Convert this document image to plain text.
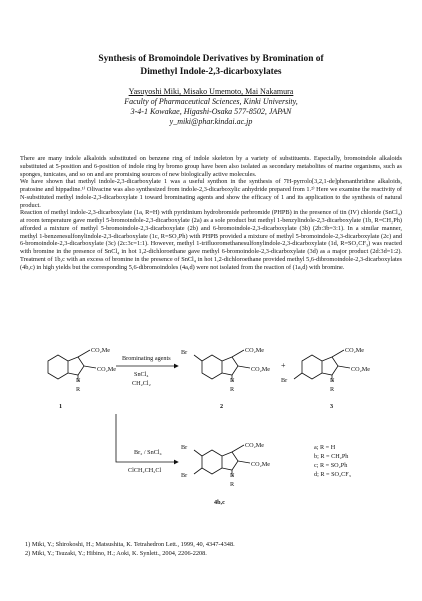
Synthesis of Bromoindole Derivatives by Bromination of
Dimethyl Indole-2,3-dicarboxylates
Yasuyoshi Miki, Misako Umemoto, Mai Nakamura
Faculty of Pharmaceutical Sciences, Kinki University,
3-4-1 Kowakae, Higashi-Osaka 577-8502, JAPAN
y_miki@phar.kindai.ac.jp

There are many indole alkaloids substituted on benzene ring of indole skeleton by a variety of substituents. Especially, bromoindole alkaloids substituted at 5-position and 6-position of indole ring by bromo group have been also isolated as secondary metabolites of marine organisms, such as sponges, tunicates, and so on and are promising sources of new biologically active molecules.

We have shown that methyl indole-2,3-dicarboxylate 1 was a useful synthon in the synthesis of 7H-pyrrolo[3,2,1-de]phenanthridine alkaloids, pratosine and hippadine.¹⁾ Olivacine was also synthesized from indole-2,3-dicarboxylic anhydride prepared from 1.²⁾ Here we examine the reactivity of N-substituted methyl indole-2,3-dicarboxylate 1 toward brominating agents and show the efficacy of 1 and its application to the synthesis of natural product.

Reaction of methyl indole-2,3-dicarboxylate (1a, R=H) with pyridinium hydrobromide perbromide (PHPB) in the presence of tin (IV) chloride (SnCl₄) at room temperature gave methyl 5-bromoindole-2,3-dicarboxylate (2a) as a sole product but methyl 1-benzylindole-2,3-dicarboxylate (1b, R=CH₂Ph) afforded a mixture of methyl 5-bromoindole-2,3-dicarboxylate (2b) and 6-bromoindole-2,3-dicarboxylate (3b) (2b:3b=3:1). In a similar manner, methyl 1-benzenesulfonylindole-2,3-dicarboxylate (1c, R=SO₂Ph) with PHPB provided a mixture of methyl 5-bromoindole-2,3-dicarboxylate (2c) and 6-bromoindole-2,3-dicarboxylate (3c) (2c:3c=1:1). However, methyl 1-trifluoromethanesulfonylindole-2,3-dicarboxylate (1d, R=SO₂CF₃) was reacted with bromine in the presence of SnCl₄ in hot 1,2-dichloroethane gave methyl 6-bromoindole-2,3-dicarboxylate (3d) as a major product (2d:3d=1:2). Treatment of 1b,c with an excess of bromine in the presence of SnCl₄ in hot 1,2-dichloroethane provided methyl 5,6-dibromoindole-2,3-dicarboxylates (4b,c) in high yields but the corresponding 5,6-dibromoindoles (4a,d) were not isolated from the reaction of (1a,d) with bromine.

CO₂Me
CO₂Me
N
R
1
Brominating agents
SnCl₄
CH₂Cl₂
Br	CO₂Me
CO₂Me
N
R
2
+
Br
CO₂Me
CO₂Me
N
R
3
Br₂ / SnCl₄
ClCH₂CH₂Cl
Br
Br
CO₂Me
CO₂Me
N
R
4b,c
a; R = H
b; R = CH₂Ph
c; R = SO₂Ph
d; R = SO₂CF₃

1) Miki, Y.; Shirokoshi, H.; Matsushita, K. Tetrahedron Lett., 1999, 40, 4347-4348.

2) Miki, Y.; Tsuzaki, Y.; Hibino, H.; Aoki, K. Synlett., 2004, 2206-2208.
